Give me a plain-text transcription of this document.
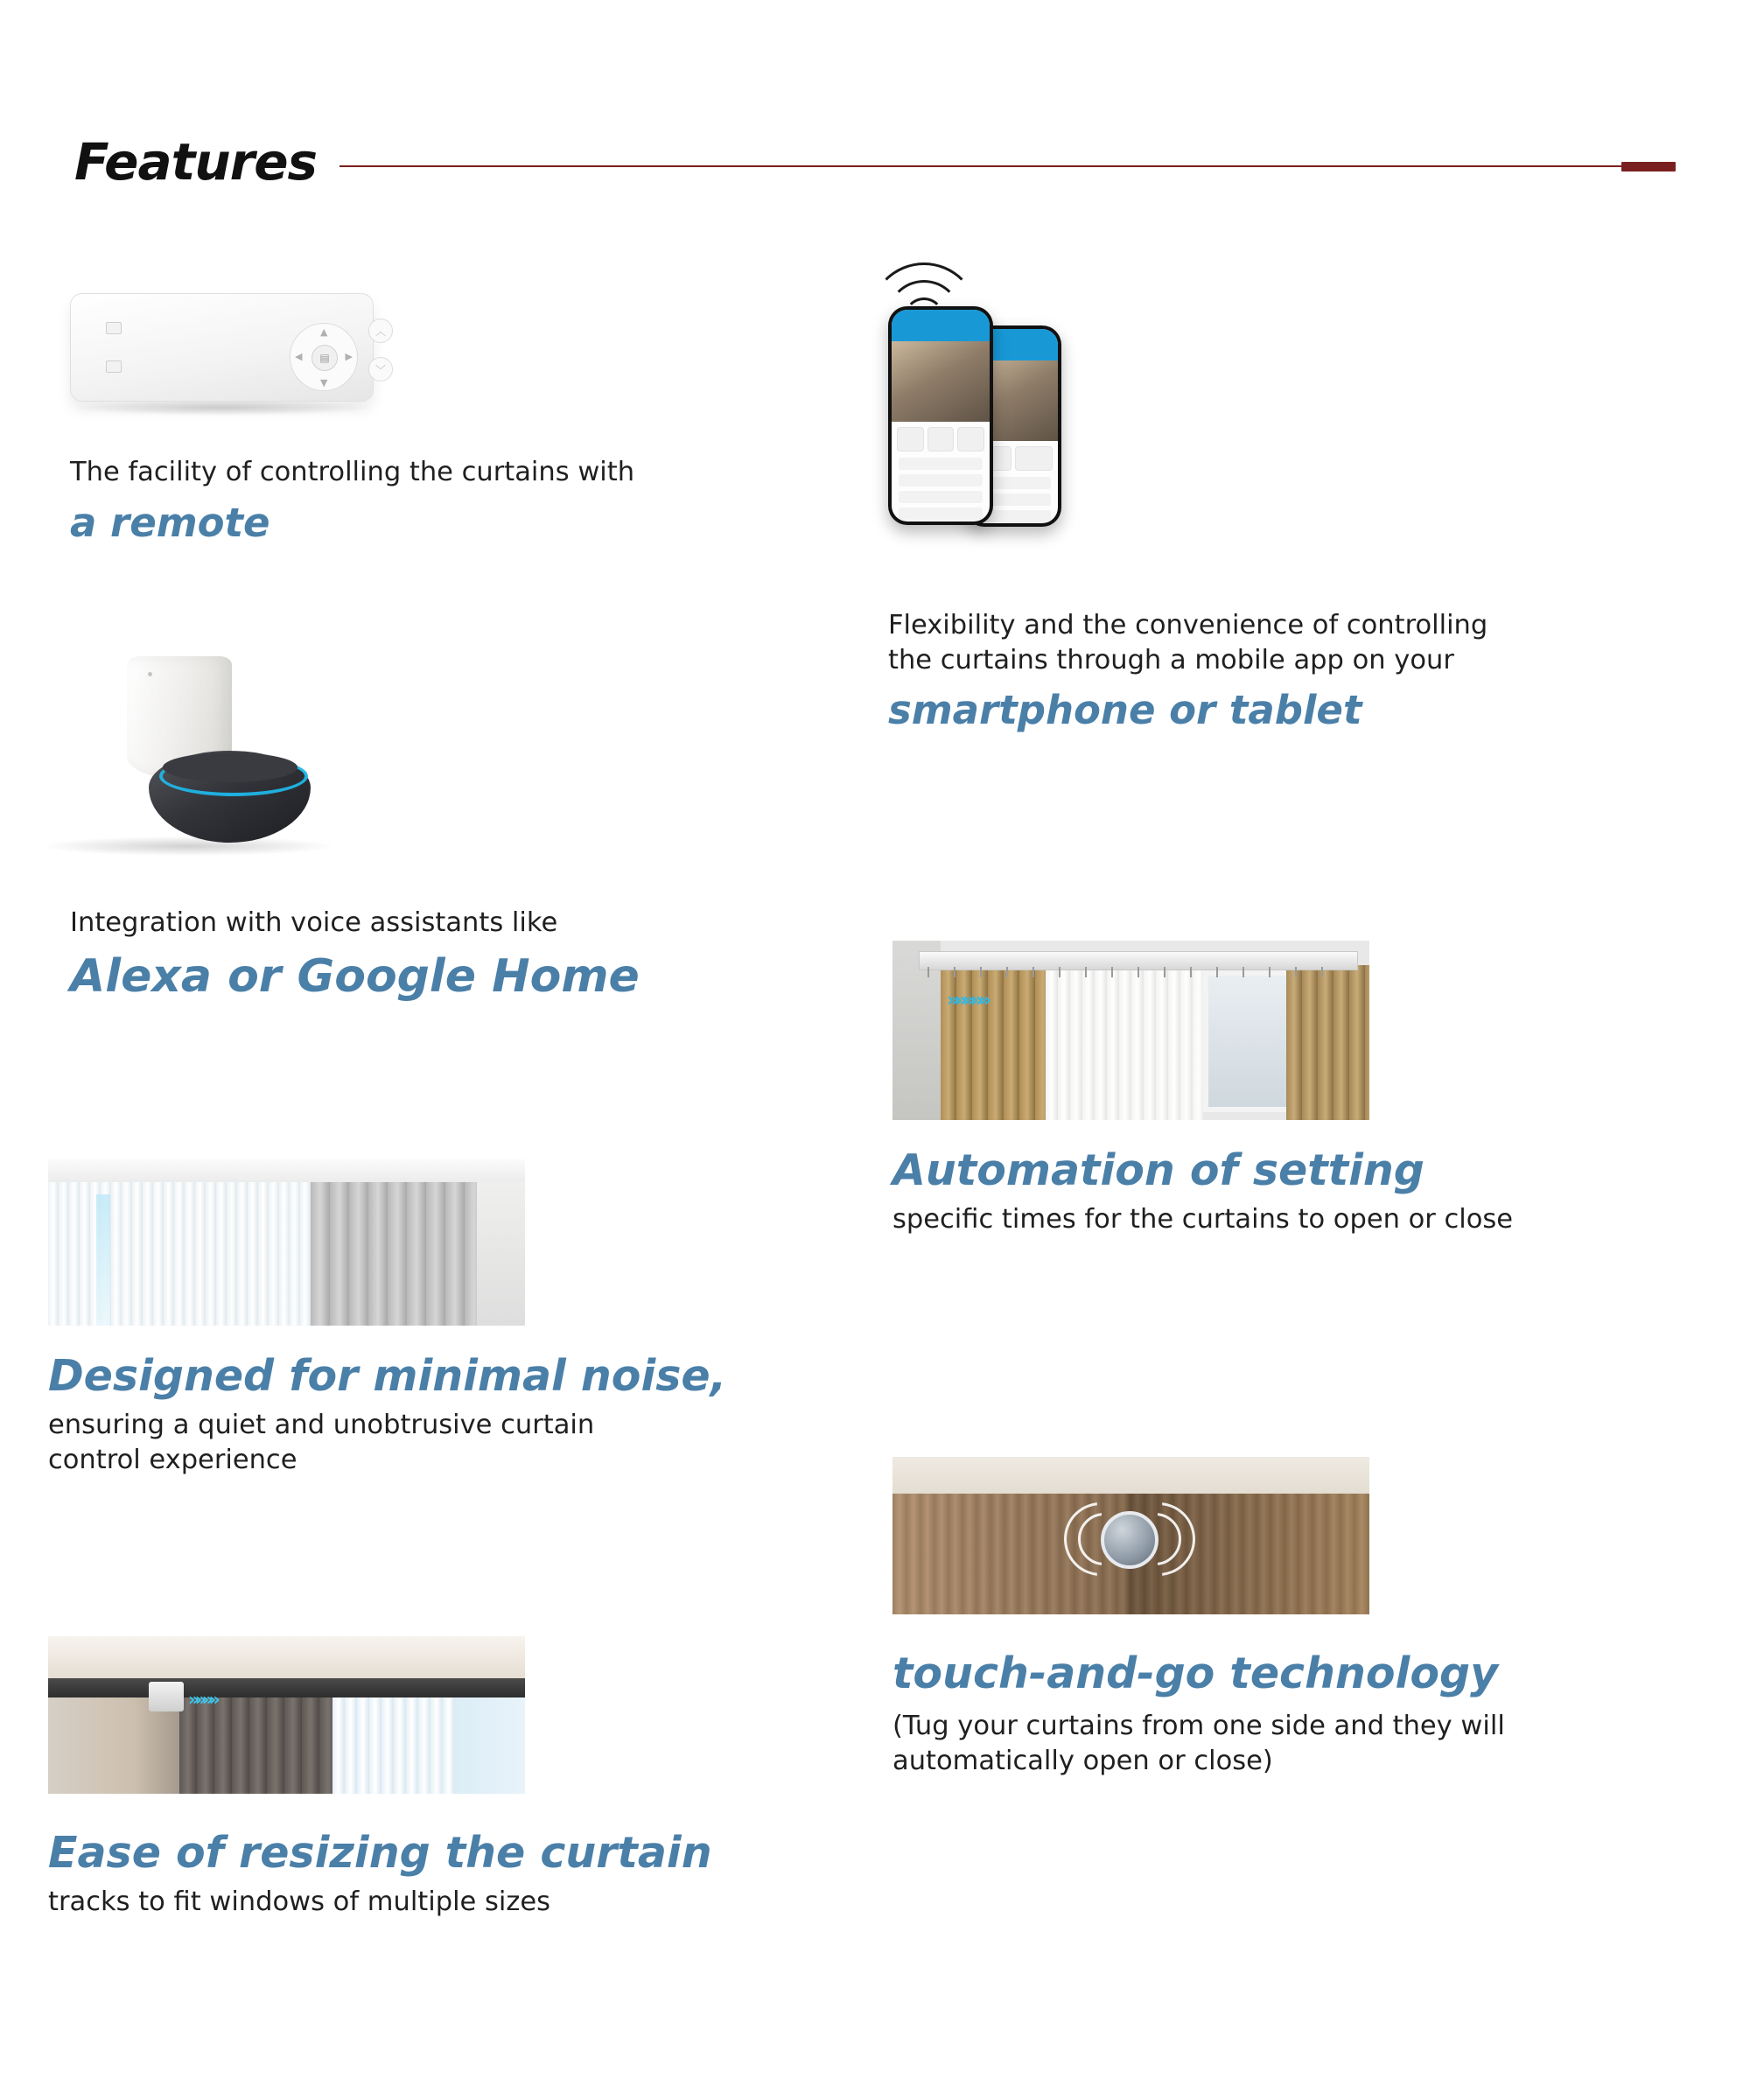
Features
▤
▲
▼
◀	▶
︿
﹀
The facility of controlling the curtains with
a remote
Flexibility and the convenience of controlling
the curtains through a mobile app on your
smartphone or tablet
Integration with voice assistants like
Alexa or Google Home	»»»»»
Automation of setting
specific times for the curtains to open or close
Designed for minimal noise,
ensuring a quiet and unobtrusive curtain
control experience
touch-and-go technology
(Tug your curtains from one side and they will
automatically open or close)
»»»»
Ease of resizing the curtain
tracks to fit windows of multiple sizes
